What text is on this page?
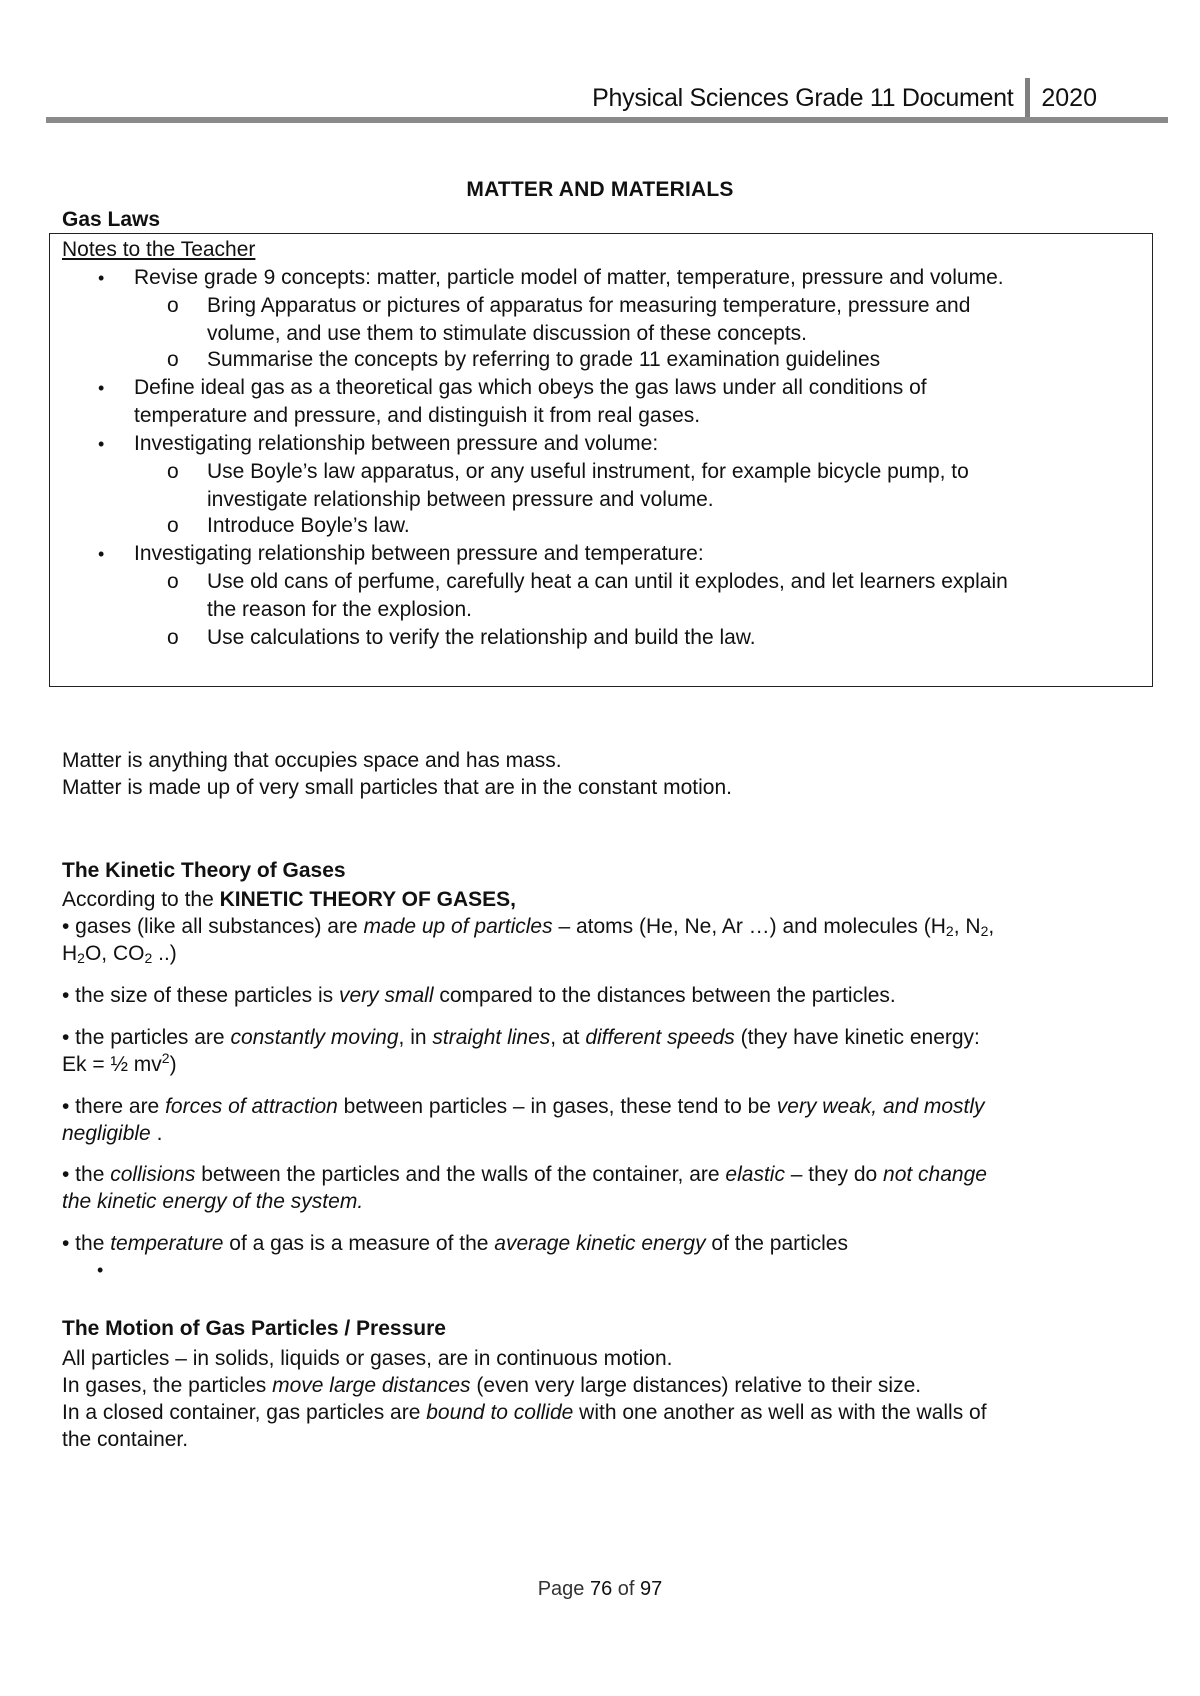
Physical Sciences Grade 11 Document	2020
MATTER AND MATERIALS
Gas Laws
Notes to the Teacher
• Revise grade 9 concepts: matter, particle model of matter, temperature, pressure and volume.
o Bring Apparatus or pictures of apparatus for measuring temperature, pressure and
volume, and use them to stimulate discussion of these concepts.
o Summarise the concepts by referring to grade 11 examination guidelines
• Define ideal gas as a theoretical gas which obeys the gas laws under all conditions of
temperature and pressure, and distinguish it from real gases.
• Investigating relationship between pressure and volume:
o Use Boyle’s law apparatus, or any useful instrument, for example bicycle pump, to
investigate relationship between pressure and volume.
o Introduce Boyle’s law.
• Investigating relationship between pressure and temperature:
o Use old cans of perfume, carefully heat a can until it explodes, and let learners explain
the reason for the explosion.
o Use calculations to verify the relationship and build the law.
Matter is anything that occupies space and has mass.
Matter is made up of very small particles that are in the constant motion.
The Kinetic Theory of Gases
According to the KINETIC THEORY OF GASES,
• gases (like all substances) are made up of particles – atoms (He, Ne, Ar …) and molecules ($H_2$, $N_2$,
$H_2O$, $CO_2$ ..)
• the size of these particles is very small compared to the distances between the particles.
• the particles are constantly moving, in straight lines, at different speeds (they have kinetic energy:
Ek = ½ $mv^2$)
• there are forces of attraction between particles – in gases, these tend to be very weak, and mostly
negligible .
• the collisions between the particles and the walls of the container, are elastic – they do not change
the kinetic energy of the system.
• the temperature of a gas is a measure of the average kinetic energy of the particles
•
The Motion of Gas Particles / Pressure
All particles – in solids, liquids or gases, are in continuous motion.
In gases, the particles move large distances (even very large distances) relative to their size.
In a closed container, gas particles are bound to collide with one another as well as with the walls of
the container.
Page 76 of 97
